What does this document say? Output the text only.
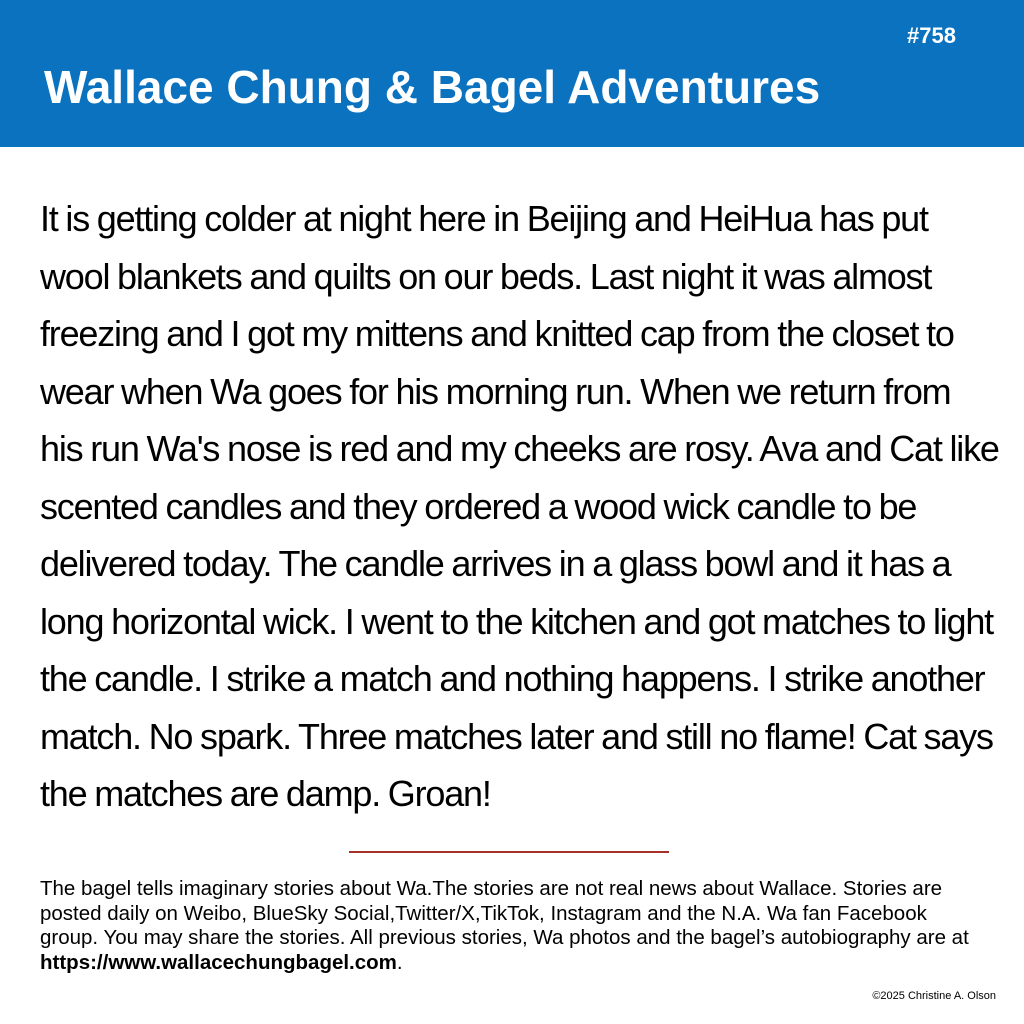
#758
Wallace Chung & Bagel Adventures

It is getting colder at night here in Beijing and HeiHua has put wool blankets and quilts on our beds. Last night it was almost freezing and I got my mittens and knitted cap from the closet to wear when Wa goes for his morning run. When we return from his run Wa's nose is red and my cheeks are rosy. Ava and Cat like scented candles and they ordered a wood wick candle to be delivered today. The candle arrives in a glass bowl and it has a long horizontal wick. I went to the kitchen and got matches to light the candle. I strike a match and nothing happens. I strike another match. No spark. Three matches later and still no flame! Cat says the matches are damp. Groan!

The bagel tells imaginary stories about Wa.The stories are not real news about Wallace. Stories are posted daily on Weibo, BlueSky Social,Twitter/X,TikTok, Instagram and the N.A. Wa fan Facebook group. You may share the stories. All previous stories, Wa photos and the bagel’s autobiography are at https://www.wallacechungbagel.com.

©2025 Christine A. Olson
